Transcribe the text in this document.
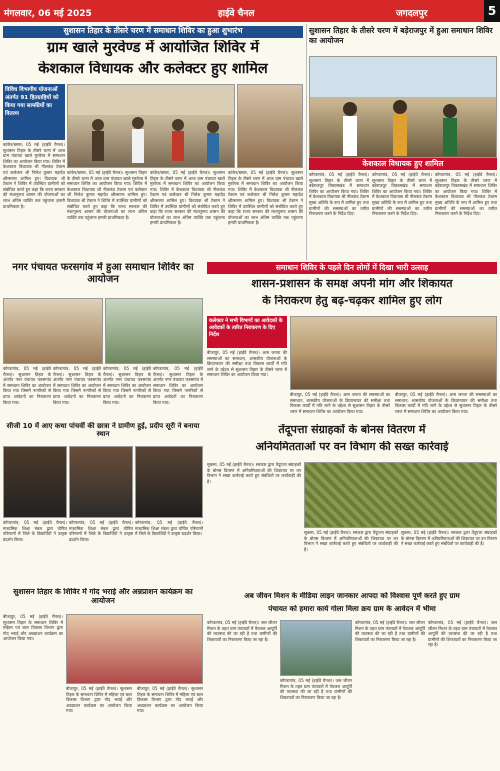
मंगलवार, 06 मई 2025	हाईवे चैनल	जगदलपुर	5
सुशासन तिहार के तीसरे चरण में समाधान शिविर का हुआ शुभारंभ
ग्राम खाले मुरवेण्ड में आयोजित शिविर में
केशकाल विधायक और कलेक्टर हुए शामिल
विविध विभागीय योजनाओं अंतर्गत 91 हितग्राहियों को किया गया सामग्रियों का वितरण
कांकेर/बस्तर, 05 मई (हाईवे चैनल)। सुशासन तिहार के तीसरे चरण में आज ग्राम पंचायत खाले मुरवेण्ड में समाधान शिविर का आयोजन किया गया। शिविर में केशकाल विधायक श्री नीलकंठ टेकाम एवं कलेक्टर श्री निलेश कुमार महादेव क्षीरसागर शामिल हुए। विधायक श्री टेकाम ने शिविर में उपस्थित ग्रामीणों को संबोधित करते हुए कहा कि राज्य सरकार की मंशानुरूप शासन की योजनाओं का लाभ अंतिम व्यक्ति तक पहुंचाना हमारी प्राथमिकता है।
कांकेर/बस्तर, 05 मई (हाईवे चैनल)। सुशासन तिहार के तीसरे चरण में आज ग्राम पंचायत खाले मुरवेण्ड में समाधान शिविर का आयोजन किया गया। शिविर में केशकाल विधायक श्री नीलकंठ टेकाम एवं कलेक्टर श्री निलेश कुमार महादेव क्षीरसागर शामिल हुए। विधायक श्री टेकाम ने शिविर में उपस्थित ग्रामीणों को संबोधित करते हुए कहा कि राज्य सरकार की मंशानुरूप शासन की योजनाओं का लाभ अंतिम व्यक्ति तक पहुंचाना हमारी प्राथमिकता है।
कांकेर/बस्तर, 05 मई (हाईवे चैनल)। सुशासन तिहार के तीसरे चरण में आज ग्राम पंचायत खाले मुरवेण्ड में समाधान शिविर का आयोजन किया गया। शिविर में केशकाल विधायक श्री नीलकंठ टेकाम एवं कलेक्टर श्री निलेश कुमार महादेव क्षीरसागर शामिल हुए। विधायक श्री टेकाम ने शिविर में उपस्थित ग्रामीणों को संबोधित करते हुए कहा कि राज्य सरकार की मंशानुरूप शासन की योजनाओं का लाभ अंतिम व्यक्ति तक पहुंचाना हमारी प्राथमिकता है।
कांकेर/बस्तर, 05 मई (हाईवे चैनल)। सुशासन तिहार के तीसरे चरण में आज ग्राम पंचायत खाले मुरवेण्ड में समाधान शिविर का आयोजन किया गया। शिविर में केशकाल विधायक श्री नीलकंठ टेकाम एवं कलेक्टर श्री निलेश कुमार महादेव क्षीरसागर शामिल हुए। विधायक श्री टेकाम ने शिविर में उपस्थित ग्रामीणों को संबोधित करते हुए कहा कि राज्य सरकार की मंशानुरूप शासन की योजनाओं का लाभ अंतिम व्यक्ति तक पहुंचाना हमारी प्राथमिकता है।
सुशासन तिहार के तीसरे चरण में बड़ेराजपुर में हुआ समाधान शिविर का आयोजन
केशकाल विधायक हुए शामिल
कोण्डागांव, 05 मई (हाईवे चैनल)। सुशासन तिहार के तीसरे चरण में बड़ेराजपुर विकासखंड में समाधान शिविर का आयोजन किया गया। शिविर में केशकाल विधायक श्री नीलकंठ टेकाम मुख्य अतिथि के रूप में शामिल हुए तथा ग्रामीणों की समस्याओं का त्वरित निराकरण करने के निर्देश दिए।
कोण्डागांव, 05 मई (हाईवे चैनल)। सुशासन तिहार के तीसरे चरण में बड़ेराजपुर विकासखंड में समाधान शिविर का आयोजन किया गया। शिविर में केशकाल विधायक श्री नीलकंठ टेकाम मुख्य अतिथि के रूप में शामिल हुए तथा ग्रामीणों की समस्याओं का त्वरित निराकरण करने के निर्देश दिए।
कोण्डागांव, 05 मई (हाईवे चैनल)। सुशासन तिहार के तीसरे चरण में बड़ेराजपुर विकासखंड में समाधान शिविर का आयोजन किया गया। शिविर में केशकाल विधायक श्री नीलकंठ टेकाम मुख्य अतिथि के रूप में शामिल हुए तथा ग्रामीणों की समस्याओं का त्वरित निराकरण करने के निर्देश दिए।
नगर पंचायत फरसगांव में हुआ समाधान शिविर का आयोजन
कोण्डागांव, 05 मई (हाईवे चैनल)। सुशासन तिहार के अंतर्गत नगर पंचायत फरसगांव में समाधान शिविर का आयोजन किया गया जिसमें नागरिकों से प्राप्त आवेदनों का निराकरण किया गया।
कोण्डागांव, 05 मई (हाईवे चैनल)। सुशासन तिहार के अंतर्गत नगर पंचायत फरसगांव में समाधान शिविर का आयोजन किया गया जिसमें नागरिकों से प्राप्त आवेदनों का निराकरण किया गया।
कोण्डागांव, 05 मई (हाईवे चैनल)। सुशासन तिहार के अंतर्गत नगर पंचायत फरसगांव में समाधान शिविर का आयोजन किया गया जिसमें नागरिकों से प्राप्त आवेदनों का निराकरण किया गया।
कोण्डागांव, 05 मई (हाईवे चैनल)। सुशासन तिहार के अंतर्गत नगर पंचायत फरसगांव में समाधान शिविर का आयोजन किया गया जिसमें नागरिकों से प्राप्त आवेदनों का निराकरण किया गया।
समाधान शिविर के पहले दिन लोगों में दिखा भारी उत्साह
शासन-प्रशासन के समक्ष अपनी मांग और शिकायत
के निराकरण हेतु बढ़-चढ़कर शामिल हुए लोग
कलेक्टर ने सभी विभागों का आवेदकों के आवेदकों के त्वरित निराकरण के दिए निर्देश
बीजापुर, 05 मई (हाईवे चैनल)। आम जनता की समस्याओं का समाधान, शासकीय योजनाओं के क्रियान्वयन की समीक्षा तथा विकास कार्यों में गति लाने के उद्देश्य से सुशासन तिहार के तीसरे चरण में समाधान शिविर का आयोजन किया गया।
बीजापुर, 05 मई (हाईवे चैनल)। आम जनता की समस्याओं का समाधान, शासकीय योजनाओं के क्रियान्वयन की समीक्षा तथा विकास कार्यों में गति लाने के उद्देश्य से सुशासन तिहार के तीसरे चरण में समाधान शिविर का आयोजन किया गया।
बीजापुर, 05 मई (हाईवे चैनल)। आम जनता की समस्याओं का समाधान, शासकीय योजनाओं के क्रियान्वयन की समीक्षा तथा विकास कार्यों में गति लाने के उद्देश्य से सुशासन तिहार के तीसरे चरण में समाधान शिविर का आयोजन किया गया।
सीजी 10 में आए कथा पांचवीं की छात्रा ने ग्रामीण हुई, प्रदीप सूरी ने बनाया स्थान
कोण्डागांव, 05 मई (हाईवे चैनल)। माध्यमिक शिक्षा मंडल द्वारा घोषित परिणामों में जिले के विद्यार्थियों ने उत्कृष्ट प्रदर्शन किया।
कोण्डागांव, 05 मई (हाईवे चैनल)। माध्यमिक शिक्षा मंडल द्वारा घोषित परिणामों में जिले के विद्यार्थियों ने उत्कृष्ट प्रदर्शन किया।
कोण्डागांव, 05 मई (हाईवे चैनल)। माध्यमिक शिक्षा मंडल द्वारा घोषित परिणामों में जिले के विद्यार्थियों ने उत्कृष्ट प्रदर्शन किया।
तेंदूपत्ता संग्राहकों के बोनस वितरण में
अनियमितताओं पर वन विभाग की सख्त कार्रवाई
सुकमा, 05 मई (हाईवे चैनल)। सरकार द्वारा तेंदूपत्ता संग्राहकों के बोनस वितरण में अनियमितताओं की शिकायत पर वन विभाग ने सख्त कार्रवाई करते हुए संबंधितों पर कार्यवाही की है।
सुकमा, 05 मई (हाईवे चैनल)। सरकार द्वारा तेंदूपत्ता संग्राहकों के बोनस वितरण में अनियमितताओं की शिकायत पर वन विभाग ने सख्त कार्रवाई करते हुए संबंधितों पर कार्यवाही की है।
सुकमा, 05 मई (हाईवे चैनल)। सरकार द्वारा तेंदूपत्ता संग्राहकों के बोनस वितरण में अनियमितताओं की शिकायत पर वन विभाग ने सख्त कार्रवाई करते हुए संबंधितों पर कार्यवाही की है।
सुशासन तिहार के शिविर में गोद भराई और अन्नप्राशन कार्यक्रम का आयोजन
बीजापुर, 05 मई (हाईवे चैनल)। सुशासन तिहार के समाधान शिविर में महिला एवं बाल विकास विभाग द्वारा गोद भराई और अन्नप्राशन कार्यक्रम का आयोजन किया गया।
बीजापुर, 05 मई (हाईवे चैनल)। सुशासन तिहार के समाधान शिविर में महिला एवं बाल विकास विभाग द्वारा गोद भराई और अन्नप्राशन कार्यक्रम का आयोजन किया गया।
बीजापुर, 05 मई (हाईवे चैनल)। सुशासन तिहार के समाधान शिविर में महिला एवं बाल विकास विभाग द्वारा गोद भराई और अन्नप्राशन कार्यक्रम का आयोजन किया गया।
अब जीवन मिशन के मीडिया लाइन जानकार आपदा को विश्वास पूर्ण करते हुए ग्राम
पंचायत को हमारा कार्य गोला मिला क्रय ग्राम के आवेदन में भीमा
कोण्डागांव, 05 मई (हाईवे चैनल)। जल जीवन मिशन के तहत ग्राम पंचायतों में पेयजल आपूर्ति की व्यवस्था की जा रही है तथा ग्रामीणों की शिकायतों का निराकरण किया जा रहा है।
कोण्डागांव, 05 मई (हाईवे चैनल)। जल जीवन मिशन के तहत ग्राम पंचायतों में पेयजल आपूर्ति की व्यवस्था की जा रही है तथा ग्रामीणों की शिकायतों का निराकरण किया जा रहा है।
कोण्डागांव, 05 मई (हाईवे चैनल)। जल जीवन मिशन के तहत ग्राम पंचायतों में पेयजल आपूर्ति की व्यवस्था की जा रही है तथा ग्रामीणों की शिकायतों का निराकरण किया जा रहा है।
कोण्डागांव, 05 मई (हाईवे चैनल)। जल जीवन मिशन के तहत ग्राम पंचायतों में पेयजल आपूर्ति की व्यवस्था की जा रही है तथा ग्रामीणों की शिकायतों का निराकरण किया जा रहा है।
